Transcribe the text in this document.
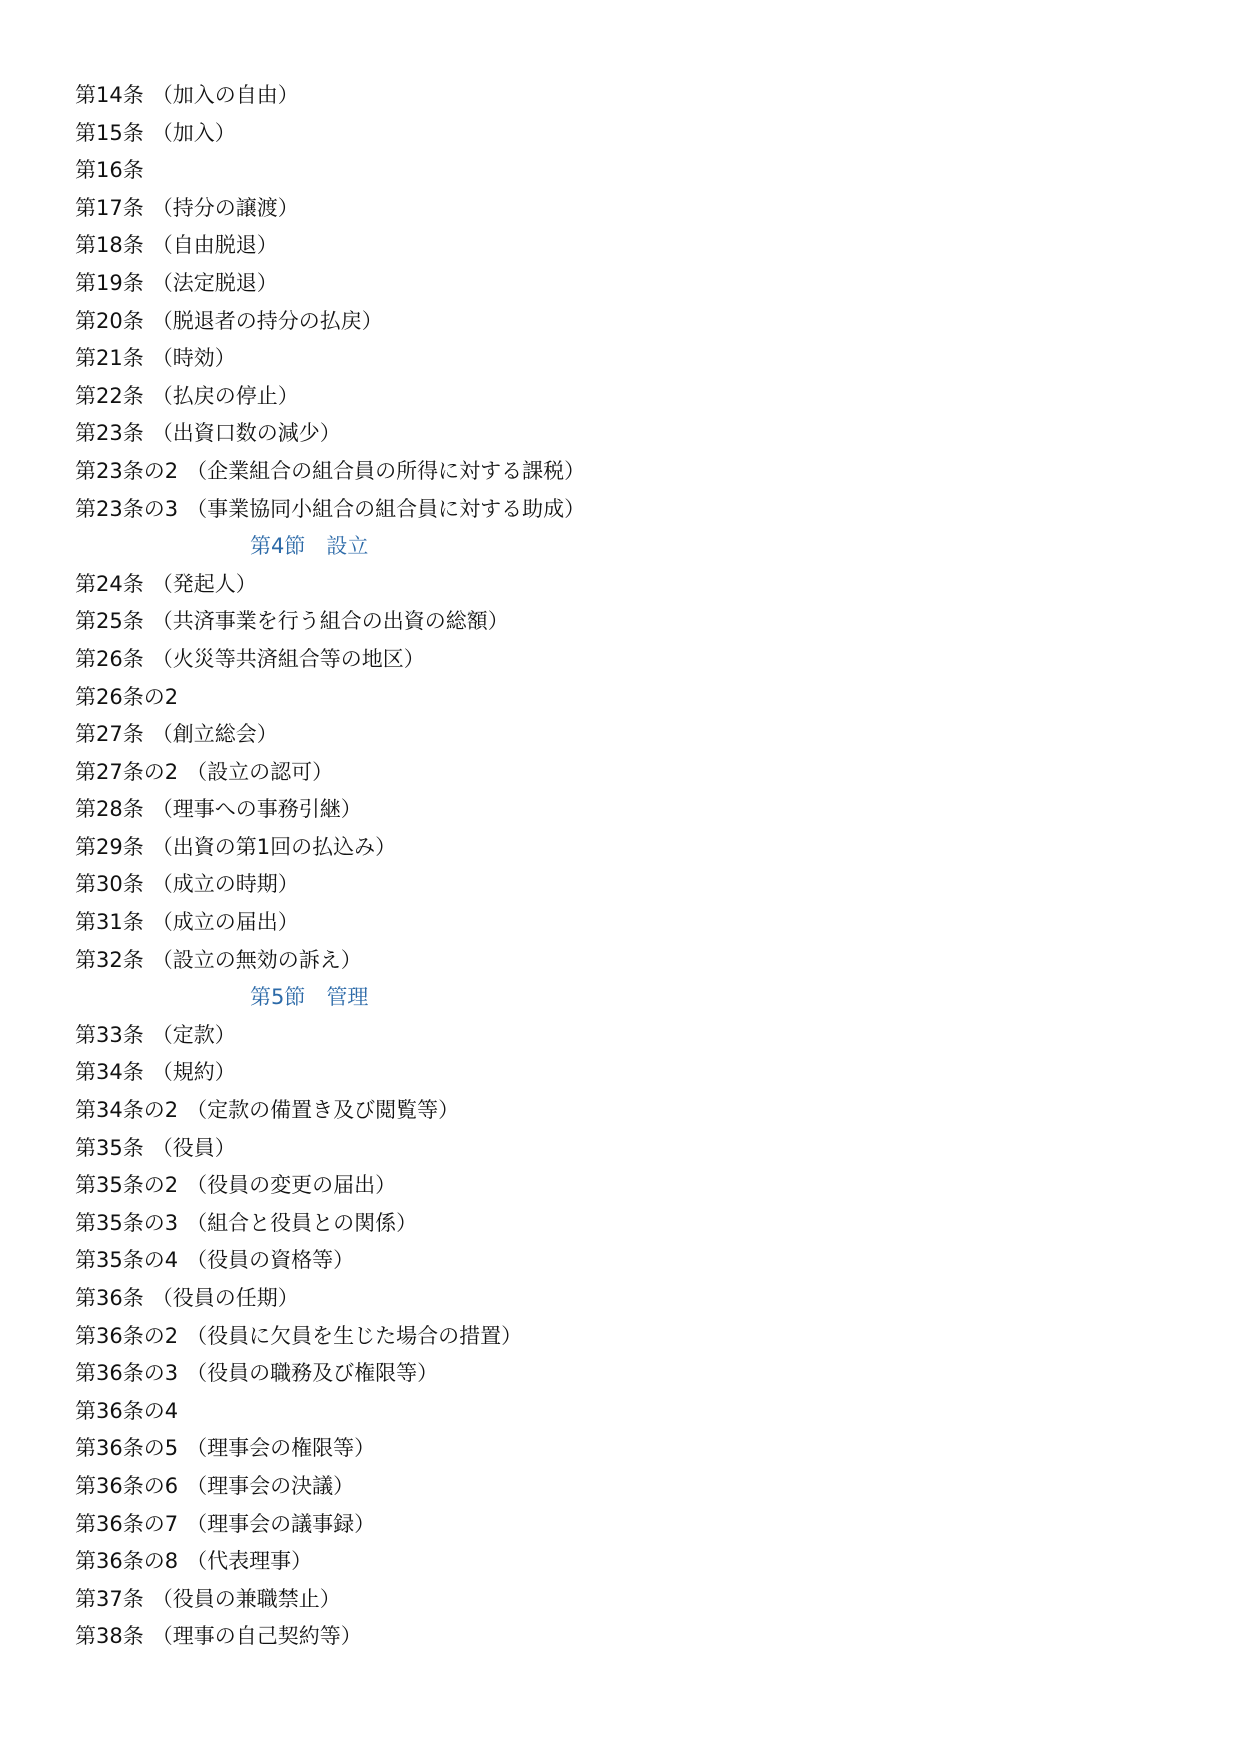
第14条 （加入の自由）
第15条 （加入）
第16条
第17条 （持分の譲渡）
第18条 （自由脱退）
第19条 （法定脱退）
第20条 （脱退者の持分の払戻）
第21条 （時効）
第22条 （払戻の停止）
第23条 （出資口数の減少）
第23条の2 （企業組合の組合員の所得に対する課税）
第23条の3 （事業協同小組合の組合員に対する助成）
第4節　設立
第24条 （発起人）
第25条 （共済事業を行う組合の出資の総額）
第26条 （火災等共済組合等の地区）
第26条の2
第27条 （創立総会）
第27条の2 （設立の認可）
第28条 （理事への事務引継）
第29条 （出資の第1回の払込み）
第30条 （成立の時期）
第31条 （成立の届出）
第32条 （設立の無効の訴え）
第5節　管理
第33条 （定款）
第34条 （規約）
第34条の2 （定款の備置き及び閲覧等）
第35条 （役員）
第35条の2 （役員の変更の届出）
第35条の3 （組合と役員との関係）
第35条の4 （役員の資格等）
第36条 （役員の任期）
第36条の2 （役員に欠員を生じた場合の措置）
第36条の3 （役員の職務及び権限等）
第36条の4
第36条の5 （理事会の権限等）
第36条の6 （理事会の決議）
第36条の7 （理事会の議事録）
第36条の8 （代表理事）
第37条 （役員の兼職禁止）
第38条 （理事の自己契約等）
